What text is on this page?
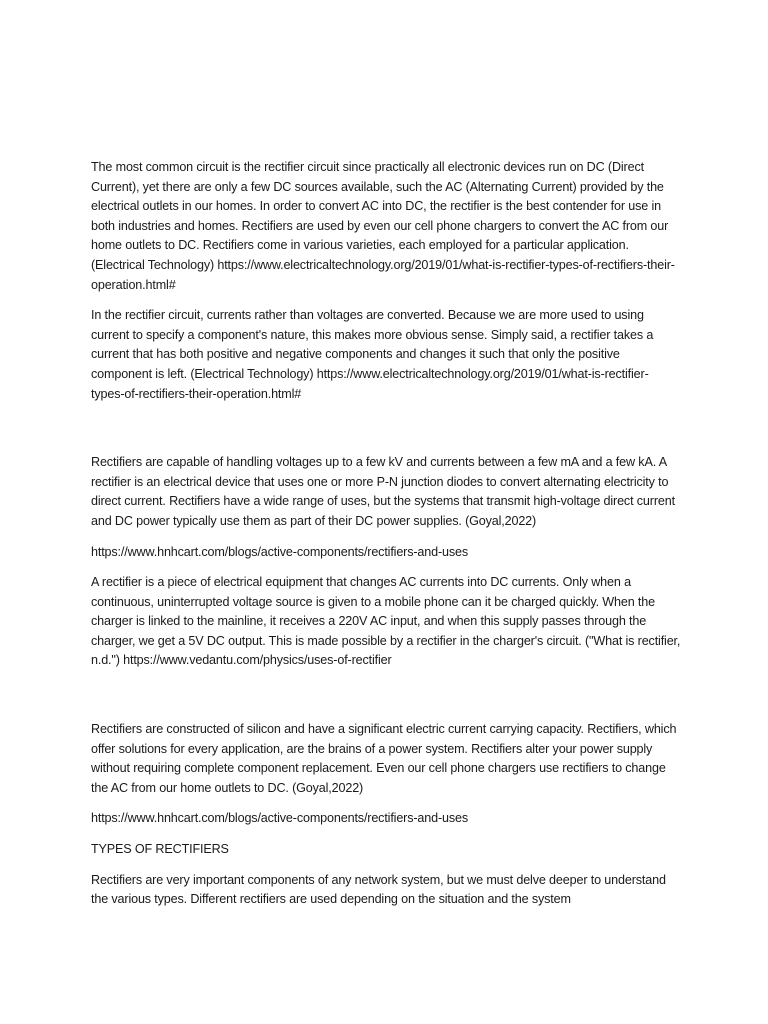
The most common circuit is the rectifier circuit since practically all electronic devices run on DC (Direct Current), yet there are only a few DC sources available, such the AC (Alternating Current) provided by the electrical outlets in our homes. In order to convert AC into DC, the rectifier is the best contender for use in both industries and homes. Rectifiers are used by even our cell phone chargers to convert the AC from our home outlets to DC. Rectifiers come in various varieties, each employed for a particular application. (Electrical Technology) https://www.electricaltechnology.org/2019/01/what-is-rectifier-types-of-rectifiers-their-operation.html#

In the rectifier circuit, currents rather than voltages are converted. Because we are more used to using current to specify a component's nature, this makes more obvious sense. Simply said, a rectifier takes a current that has both positive and negative components and changes it such that only the positive component is left. (Electrical Technology) https://www.electricaltechnology.org/2019/01/what-is-rectifier-types-of-rectifiers-their-operation.html#

Rectifiers are capable of handling voltages up to a few kV and currents between a few mA and a few kA. A rectifier is an electrical device that uses one or more P-N junction diodes to convert alternating electricity to direct current. Rectifiers have a wide range of uses, but the systems that transmit high-voltage direct current and DC power typically use them as part of their DC power supplies. (Goyal,2022)

https://www.hnhcart.com/blogs/active-components/rectifiers-and-uses

A rectifier is a piece of electrical equipment that changes AC currents into DC currents. Only when a continuous, uninterrupted voltage source is given to a mobile phone can it be charged quickly. When the charger is linked to the mainline, it receives a 220V AC input, and when this supply passes through the charger, we get a 5V DC output. This is made possible by a rectifier in the charger's circuit. ("What is rectifier, n.d.") https://www.vedantu.com/physics/uses-of-rectifier

Rectifiers are constructed of silicon and have a significant electric current carrying capacity. Rectifiers, which offer solutions for every application, are the brains of a power system. Rectifiers alter your power supply without requiring complete component replacement. Even our cell phone chargers use rectifiers to change the AC from our home outlets to DC. (Goyal,2022)

https://www.hnhcart.com/blogs/active-components/rectifiers-and-uses

TYPES OF RECTIFIERS

Rectifiers are very important components of any network system, but we must delve deeper to understand the various types. Different rectifiers are used depending on the situation and the system
